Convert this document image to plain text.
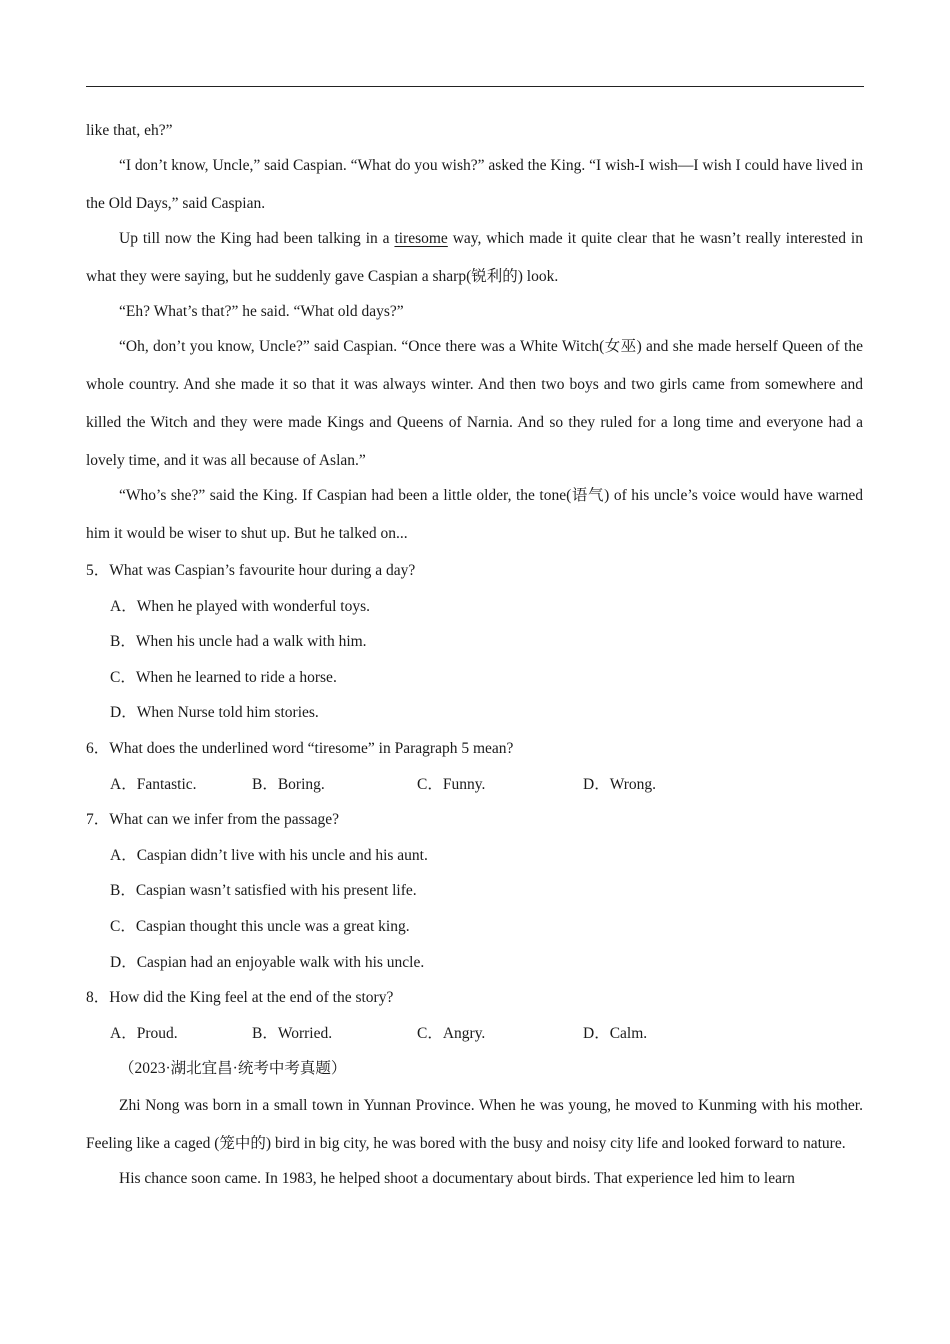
like that, eh?”

“I don’t know, Uncle,” said Caspian. “What do you wish?” asked the King. “I wish-I wish—I wish I could have lived in the Old Days,” said Caspian.

Up till now the King had been talking in a tiresome way, which made it quite clear that he wasn’t really interested in what they were saying, but he suddenly gave Caspian a sharp(锐利的) look.

“Eh? What’s that?” he said. “What old days?”

“Oh, don’t you know, Uncle?” said Caspian. “Once there was a White Witch(女巫) and she made herself Queen of the whole country. And she made it so that it was always winter. And then two boys and two girls came from somewhere and killed the Witch and they were made Kings and Queens of Narnia. And so they ruled for a long time and everyone had a lovely time, and it was all because of Aslan.”

“Who’s she?” said the King. If Caspian had been a little older, the tone(语气) of his uncle’s voice would have warned him it would be wiser to shut up. But he talked on...

5．What was Caspian’s favourite hour during a day?

A．When he played with wonderful toys.

B．When his uncle had a walk with him.

C．When he learned to ride a horse.

D．When Nurse told him stories.

6．What does the underlined word “tiresome” in Paragraph 5 mean?

A．Fantastic.	B．Boring.	C．Funny.	D．Wrong.

7．What can we infer from the passage?

A．Caspian didn’t live with his uncle and his aunt.

B．Caspian wasn’t satisfied with his present life.

C．Caspian thought this uncle was a great king.

D．Caspian had an enjoyable walk with his uncle.

8．How did the King feel at the end of the story?

A．Proud.	B．Worried.	C．Angry.	D．Calm.

（2023·湖北宜昌·统考中考真题）

Zhi Nong was born in a small town in Yunnan Province. When he was young, he moved to Kunming with his mother. Feeling like a caged (笼中的) bird in big city, he was bored with the busy and noisy city life and looked forward to nature.

His chance soon came. In 1983, he helped shoot a documentary about birds. That experience led him to learn
